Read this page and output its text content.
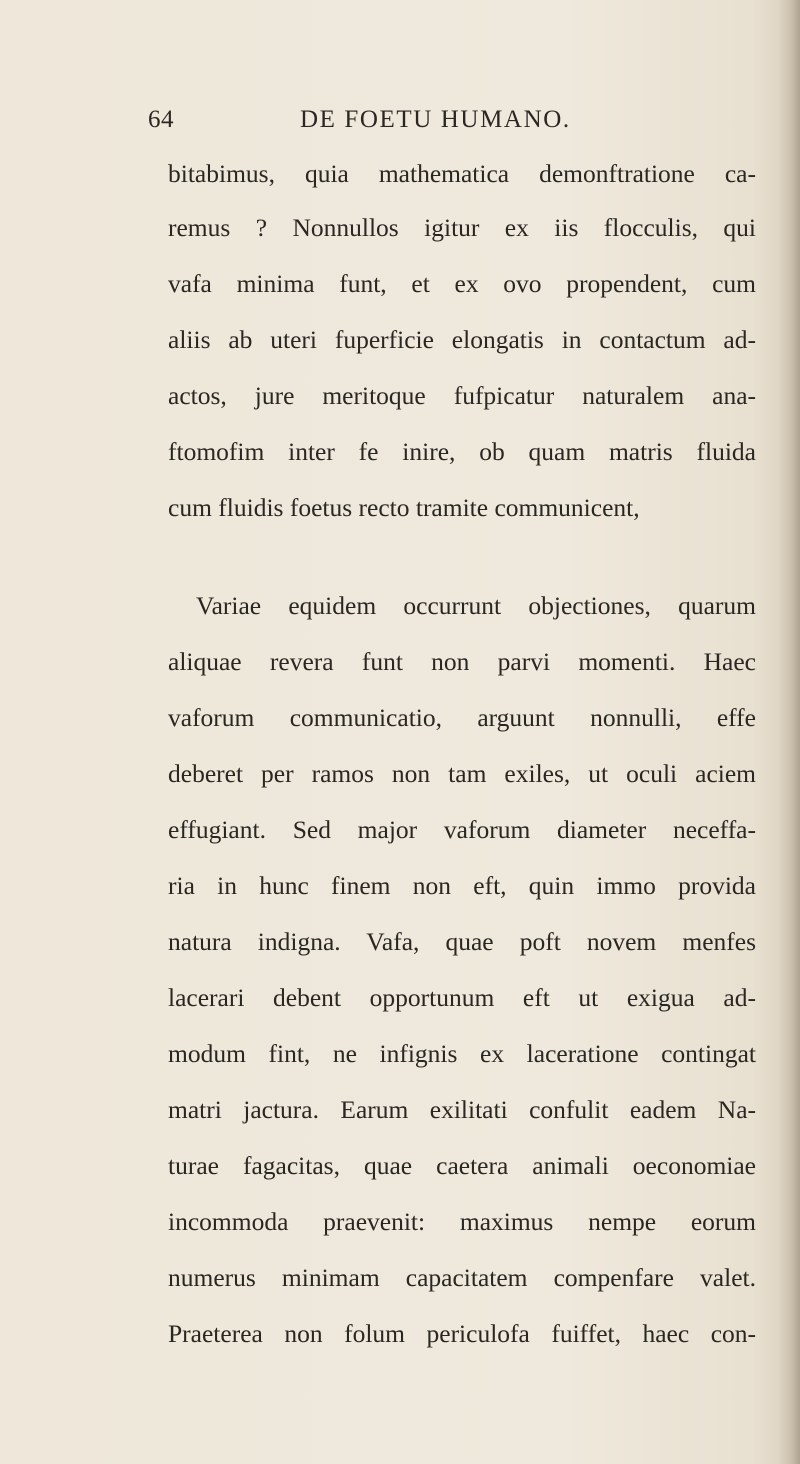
64	DE FOETU HUMANO.
bitabimus, quia mathematica demonftratione ca-
remus ? Nonnullos igitur ex iis flocculis, qui
vafa minima funt, et ex ovo propendent, cum
aliis ab uteri fuperficie elongatis in contactum ad-
actos, jure meritoque fufpicatur naturalem ana-
ftomofim inter fe inire, ob quam matris fluida
cum fluidis foetus recto tramite communicent,
Variae equidem occurrunt objectiones, quarum
aliquae revera funt non parvi momenti. Haec
vaforum communicatio, arguunt nonnulli, effe
deberet per ramos non tam exiles, ut oculi aciem
effugiant. Sed major vaforum diameter neceffa-
ria in hunc finem non eft, quin immo provida
natura indigna. Vafa, quae poft novem menfes
lacerari debent opportunum eft ut exigua ad-
modum fint, ne infignis ex laceratione contingat
matri jactura. Earum exilitati confulit eadem Na-
turae fagacitas, quae caetera animali oeconomiae
incommoda praevenit: maximus nempe eorum
numerus minimam capacitatem compenfare valet.
Praeterea non folum periculofa fuiffet, haec con-
